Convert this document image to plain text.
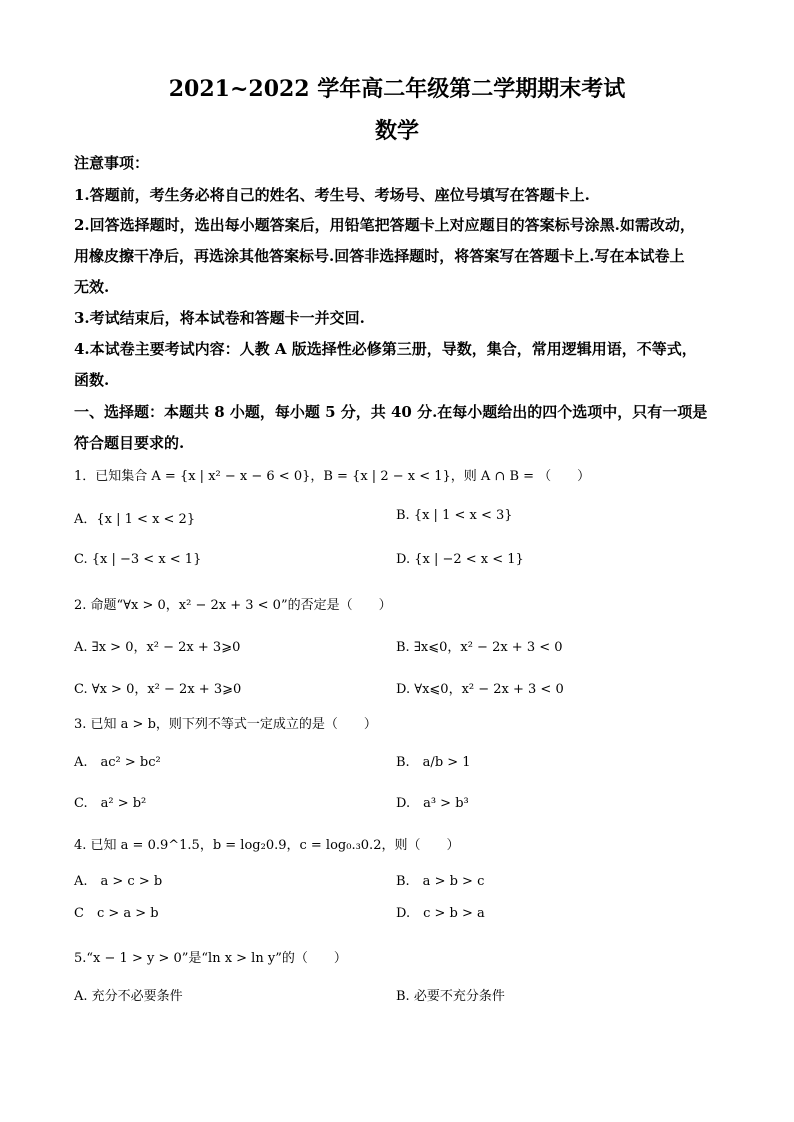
2021~2022 学年高二年级第二学期期末考试
数学
注意事项：
1.答题前，考生务必将自己的姓名、考生号、考场号、座位号填写在答题卡上.
2.回答选择题时，选出每小题答案后，用铅笔把答题卡上对应题目的答案标号涂黑.如需改动，
用橡皮擦干净后，再选涂其他答案标号.回答非选择题时，将答案写在答题卡上.写在本试卷上
无效.
3.考试结束后，将本试卷和答题卡一并交回.
4.本试卷主要考试内容：人教 A 版选择性必修第三册，导数，集合，常用逻辑用语，不等式，
函数.
一、选择题：本题共 8 小题，每小题 5 分，共 40 分.在每小题给出的四个选项中，只有一项是
符合题目要求的.
1．已知集合 A = {x | x² − x − 6 < 0}，B = {x | 2 − x < 1}，则 A ∩ B = （　　）
A．{x | 1 < x < 2}	B. {x | 1 < x < 3}
C. {x | −3 < x < 1}	D. {x | −2 < x < 1}
2. 命题“∀x > 0，x² − 2x + 3 < 0”的否定是（　　）
A. ∃x > 0，x² − 2x + 3⩾0	B. ∃x⩽0，x² − 2x + 3 < 0
C. ∀x > 0，x² − 2x + 3⩾0	D. ∀x⩽0，x² − 2x + 3 < 0
3. 已知 a > b，则下列不等式一定成立的是（　　）
A.　ac² > bc²	B.　a/b > 1
C.　a² > b²	D.　a³ > b³
4. 已知 a = 0.9^1.5，b = log₂0.9，c = log₀.₃0.2，则（　　）
A.　a > c > b	B.　a > b > c
C　c > a > b	D.　c > b > a
5.“x − 1 > y > 0”是“ln x > ln y”的（　　）
A. 充分不必要条件	B. 必要不充分条件
